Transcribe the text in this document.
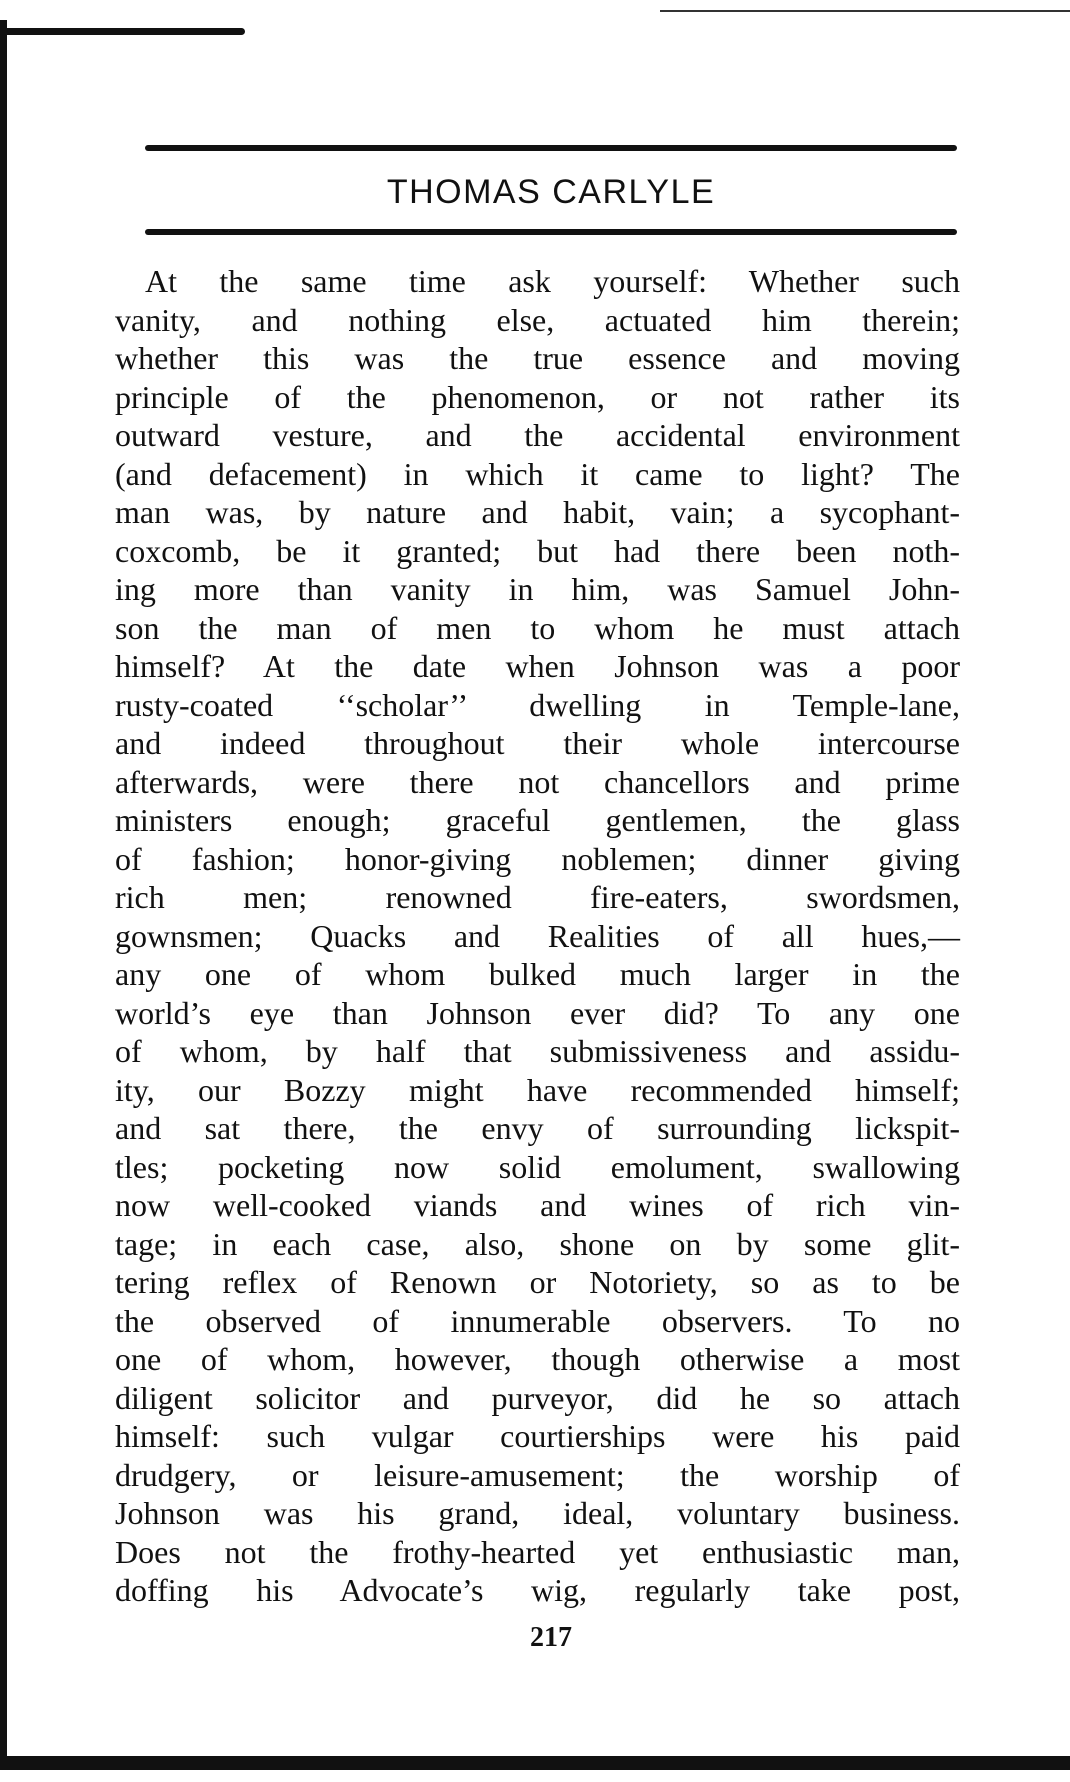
THOMAS CARLYLE
At the same time ask yourself: Whether such
vanity, and nothing else, actuated him therein;
whether this was the true essence and moving
principle of the phenomenon, or not rather its
outward vesture, and the accidental environment
(and defacement) in which it came to light? The
man was, by nature and habit, vain; a sycophant-
coxcomb, be it granted; but had there been noth-
ing more than vanity in him, was Samuel John-
son the man of men to whom he must attach
himself? At the date when Johnson was a poor
rusty-coated ‘‘scholar’’ dwelling in Temple-lane,
and indeed throughout their whole intercourse
afterwards, were there not chancellors and prime
ministers enough; graceful gentlemen, the glass
of fashion; honor-giving noblemen; dinner giving
rich men; renowned fire-eaters, swordsmen,
gownsmen; Quacks and Realities of all hues,—
any one of whom bulked much larger in the
world’s eye than Johnson ever did? To any one
of whom, by half that submissiveness and assidu-
ity, our Bozzy might have recommended himself;
and sat there, the envy of surrounding lickspit-
tles; pocketing now solid emolument, swallowing
now well-cooked viands and wines of rich vin-
tage; in each case, also, shone on by some glit-
tering reflex of Renown or Notoriety, so as to be
the observed of innumerable observers. To no
one of whom, however, though otherwise a most
diligent solicitor and purveyor, did he so attach
himself: such vulgar courtierships were his paid
drudgery, or leisure-amusement; the worship of
Johnson was his grand, ideal, voluntary business.
Does not the frothy-hearted yet enthusiastic man,
doffing his Advocate’s wig, regularly take post,
217
